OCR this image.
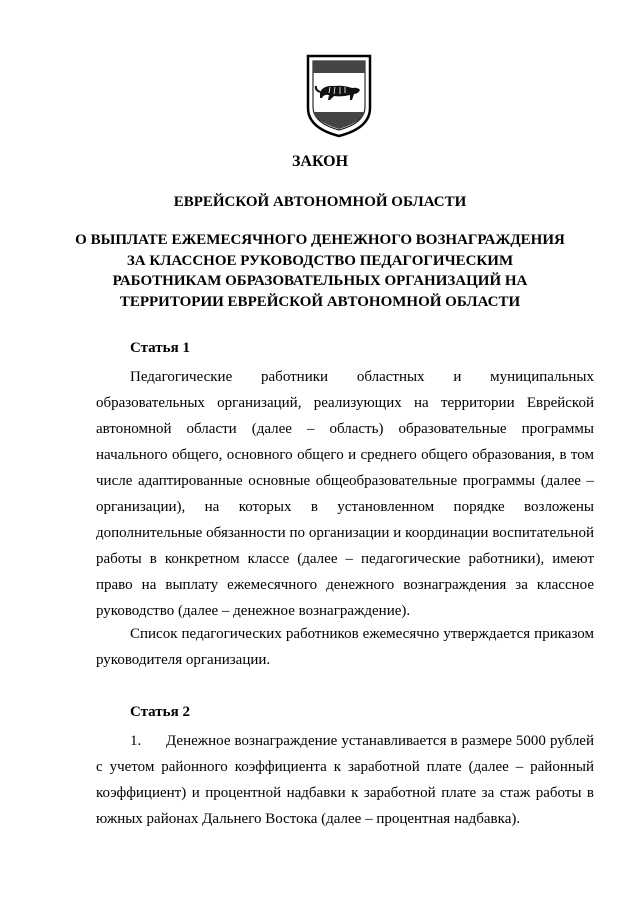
ЗАКОН
ЕВРЕЙСКОЙ АВТОНОМНОЙ ОБЛАСТИ
О ВЫПЛАТЕ ЕЖЕМЕСЯЧНОГО ДЕНЕЖНОГО ВОЗНАГРАЖДЕНИЯ
ЗА КЛАССНОЕ РУКОВОДСТВО ПЕДАГОГИЧЕСКИМ
РАБОТНИКАМ ОБРАЗОВАТЕЛЬНЫХ ОРГАНИЗАЦИЙ НА
ТЕРРИТОРИИ ЕВРЕЙСКОЙ АВТОНОМНОЙ ОБЛАСТИ
Статья 1

Педагогические работники областных и муниципальных образовательных организаций, реализующих на территории Еврейской автономной области (далее – область) образовательные программы начального общего, основного общего и среднего общего образования, в том числе адаптированные основные общеобразовательные программы (далее – организации), на которых в установленном порядке возложены дополнительные обязанности по организации и координации воспитательной работы в конкретном классе (далее – педагогические работники), имеют право на выплату ежемесячного денежного вознаграждения за классное руководство (далее – денежное вознаграждение).

Список педагогических работников ежемесячно утверждается приказом руководителя организации.

Статья 2

1. Денежное вознаграждение устанавливается в размере 5000 рублей с учетом районного коэффициента к заработной плате (далее – районный коэффициент) и процентной надбавки к заработной плате за стаж работы в южных районах Дальнего Востока (далее – процентная надбавка).
